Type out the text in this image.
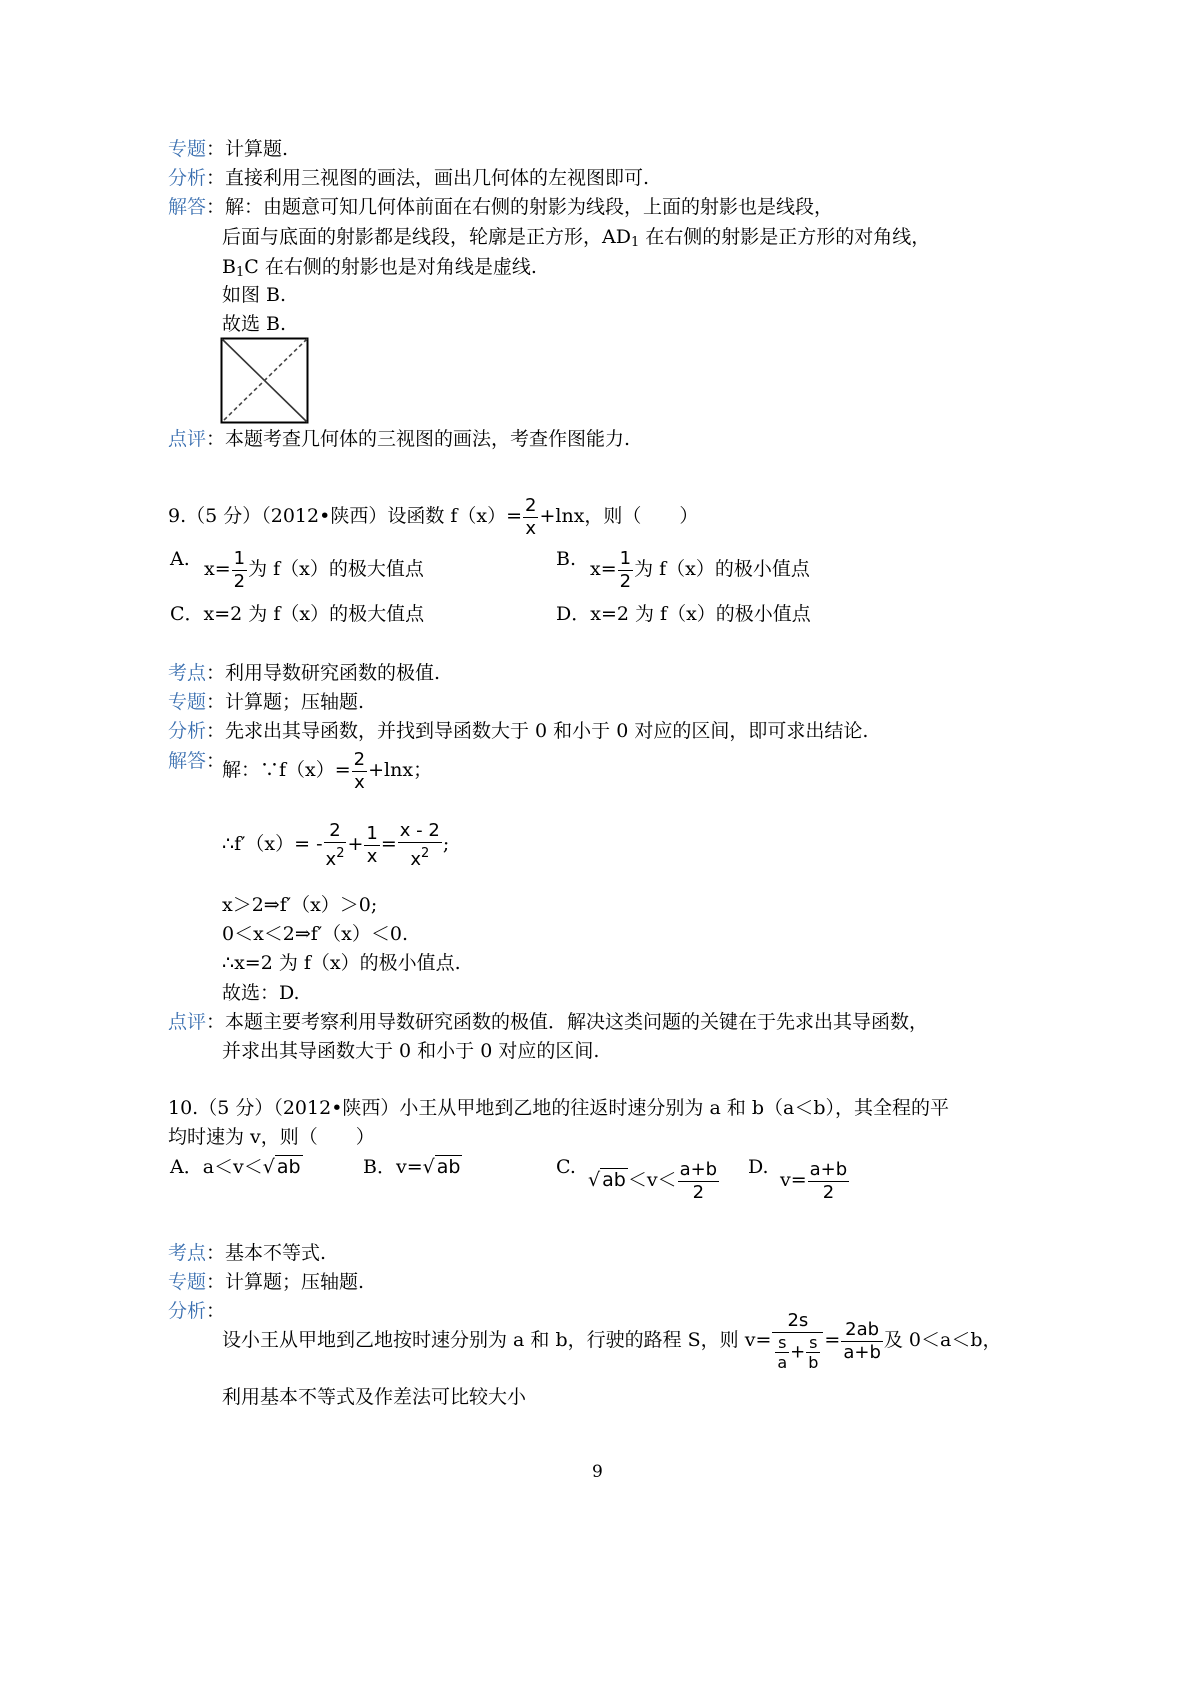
专题：计算题.
分析：直接利用三视图的画法，画出几何体的左视图即可.
解答：解：由题意可知几何体前面在右侧的射影为线段，上面的射影也是线段，
后面与底面的射影都是线段，轮廓是正方形，$AD_1$ 在右侧的射影是正方形的对角线，
$B_1C$ 在右侧的射影也是对角线是虚线.
如图 B.
故选 B.
点评：本题考查几何体的三视图的画法，考查作图能力.
9.（5 分）（2012•陕西）设函数 $f(x)= \frac{2}{x} +\ln x$，则（　　）
A. $x= \frac{1}{2}$ 为 f（x）的极大值点	B. $x= \frac{1}{2}$ 为 f（x）的极小值点
C．x=2 为 f（x）的极大值点	D．x=2 为 f（x）的极小值点
考点：利用导数研究函数的极值.
专题：计算题；压轴题.
分析：先求出其导函数，并找到导函数大于 0 和小于 0 对应的区间，即可求出结论.
解答：
解：∵f（x）= $\frac{2}{x} +\ln x$；
∴f′（x）= - $\frac{2}{x^2} + \frac{1}{x} = \frac{x - 2}{x^2}$ ;
x＞2⇒f′（x）＞0;
0＜x＜2⇒f′（x）＜0.
∴x=2 为 f（x）的极小值点.
故选：D.
点评：本题主要考察利用导数研究函数的极值．解决这类问题的关键在于先求出其导函数，
并求出其导函数大于 0 和小于 0 对应的区间.
10.（5 分）（2012•陕西）小王从甲地到乙地的往返时速分别为 a 和 b（a＜b），其全程的平
均时速为 v，则（　　）
A．a＜v＜√ ab	B．v=√ ab	C.
√ ab $<v< \frac{a+b}{2} D$.
$v= \frac{a+b}{2}$
考点：基本不等式.
专题：计算题；压轴题.
分析：
设小王从甲地到乙地按时速分别为 a 和 b，行驶的路程 S，则 $v= \frac{2s}{\frac{s}{a} + \frac{s}{b}} = \frac{2ab}{a+b}$ 及 0＜a＜b，
利用基本不等式及作差法可比较大小
9
